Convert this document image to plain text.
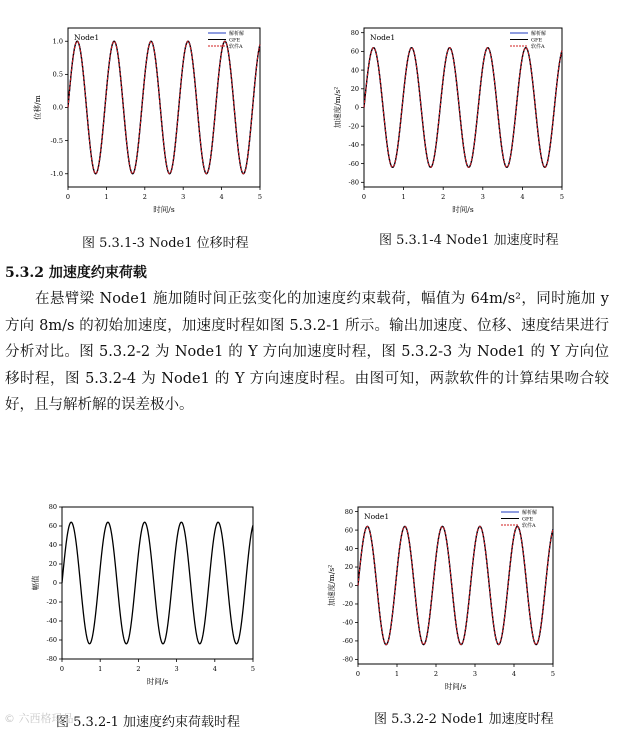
0	1	2	3	4	5
-1.0
-0.5
0.0
0.5
1.0
时间/s
位移/m
Node1	解析解
GFE
软件A
图 5.3.1-3 Node1 位移时程
0	1	2	3	4	5
-80
-60
-40
-20
0
20
40
60
80
时间/s
加速度/m/s²
Node1	解析解
GFE
软件A
图 5.3.1-4 Node1 加速度时程
5.3.2 加速度约束荷载

在悬臂梁 Node1 施加随时间正弦变化的加速度约束载荷，幅值为 64m/s²，同时施加 y 方向 8m/s 的初始加速度，加速度时程如图 5.3.2-1 所示。输出加速度、位移、速度结果进行分析对比。图 5.3.2-2 为 Node1 的 Y 方向加速度时程，图 5.3.2-3 为 Node1 的 Y 方向位移时程，图 5.3.2-4 为 Node1 的 Y 方向速度时程。由图可知，两款软件的计算结果吻合较好，且与解析解的误差极小。

0	1	2	3	4	5
-80
-60
-40
-20
0
20
40
60
80
时间/s
幅值
图 5.3.2-1 加速度约束荷载时程
0	1	2	3	4	5
-80
-60
-40
-20
0
20
40
60
80
时间/s
加速度/m/s²
Node1	解析解
GFE
软件A
图 5.3.2-2 Node1 加速度时程
© 六西格玛品
